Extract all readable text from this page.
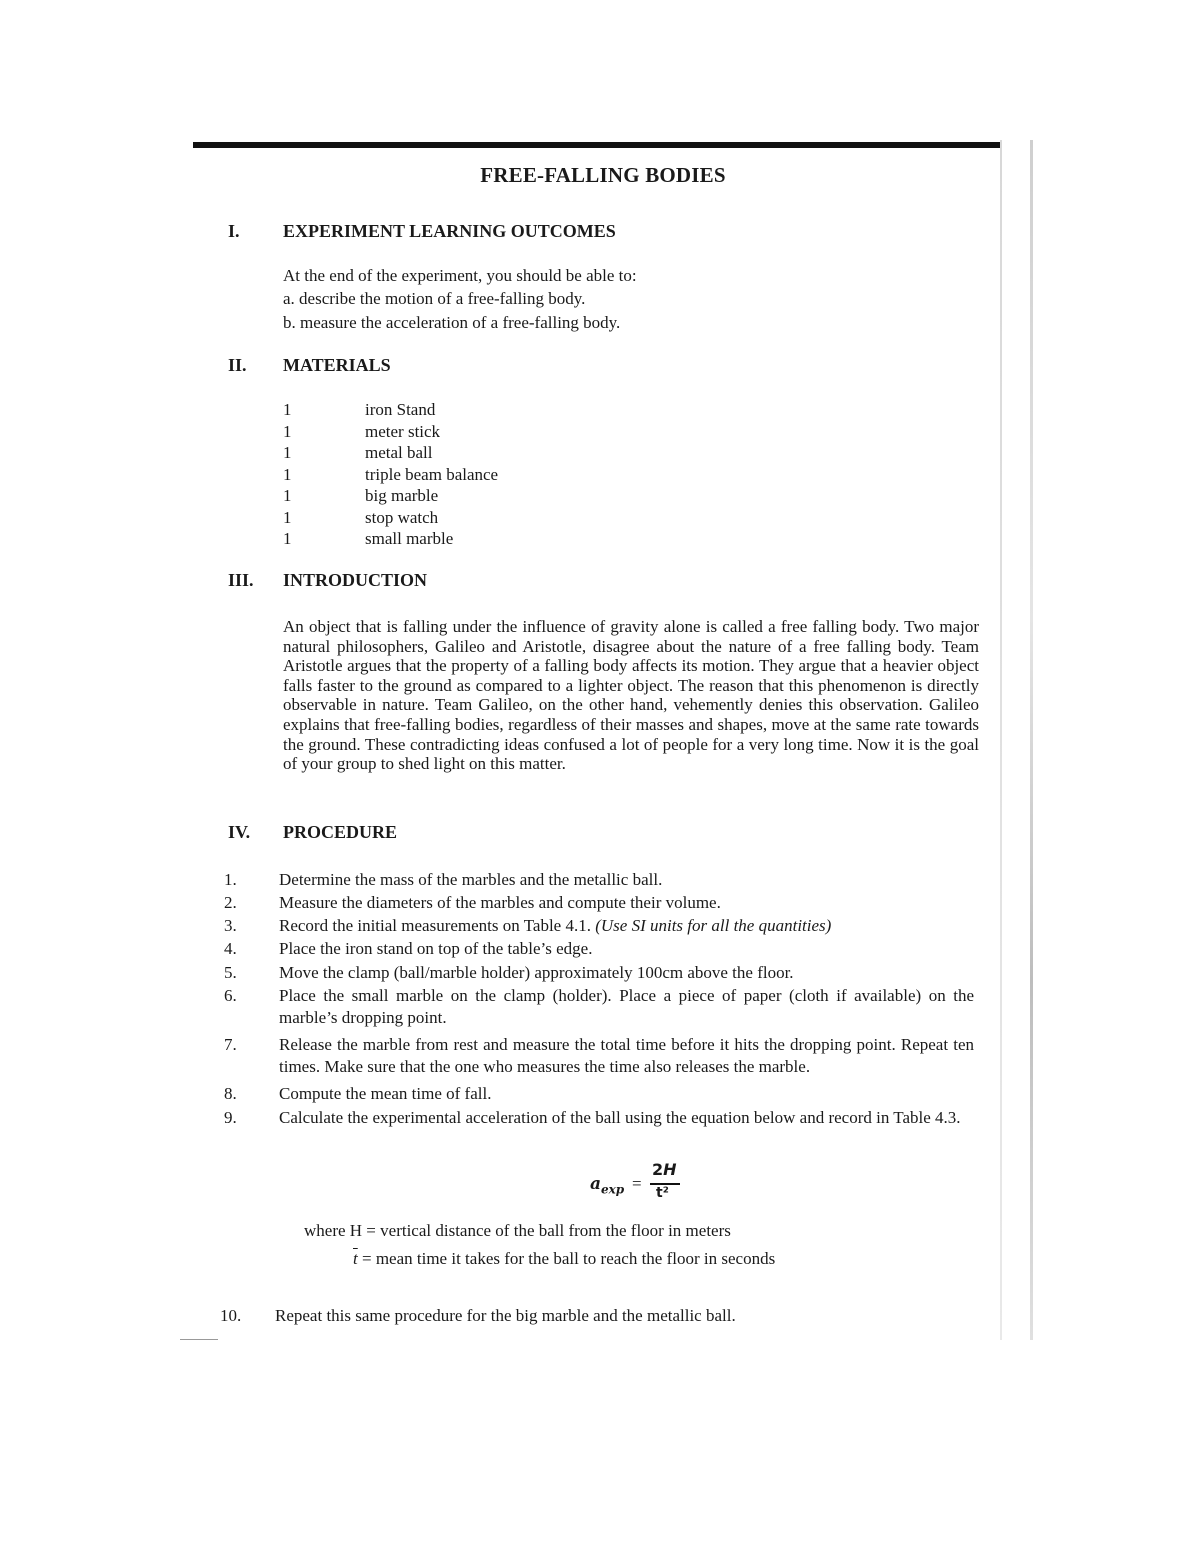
FREE-FALLING BODIES
I. EXPERIMENT LEARNING OUTCOMES
At the end of the experiment, you should be able to:
a. describe the motion of a free-falling body.
b. measure the acceleration of a free-falling body.
II. MATERIALS
1	iron Stand
1	meter stick
1	metal ball
1	triple beam balance
1	big marble
1	stop watch
1	small marble
III. INTRODUCTION
An object that is falling under the influence of gravity alone is called a free falling body. Two major natural philosophers, Galileo and Aristotle, disagree about the nature of a free falling body. Team Aristotle argues that the property of a falling body affects its motion. They argue that a heavier object falls faster to the ground as compared to a lighter object. The reason that this phenomenon is directly observable in nature. Team Galileo, on the other hand, vehemently denies this observation. Galileo explains that free-falling bodies, regardless of their masses and shapes, move at the same rate towards the ground. These contradicting ideas confused a lot of people for a very long time. Now it is the goal of your group to shed light on this matter.
IV. PROCEDURE
1. Determine the mass of the marbles and the metallic ball.
2. Measure the diameters of the marbles and compute their volume.
3. Record the initial measurements on Table 4.1. (Use SI units for all the quantities)
4. Place the iron stand on top of the table’s edge.
5. Move the clamp (ball/marble holder) approximately 100cm above the floor.
6. Place the small marble on the clamp (holder). Place a piece of paper (cloth if available) on the marble’s dropping point.
7. Release the marble from rest and measure the total time before it hits the dropping point. Repeat ten times. Make sure that the one who measures the time also releases the marble.
8. Compute the mean time of fall.
9. Calculate the experimental acceleration of the ball using the equation below and record in Table 4.3.
$a_{exp}$ =
2H
t̄²
where H = vertical distance of the ball from the floor in meters
$\overline{t}$ = mean time it takes for the ball to reach the floor in seconds
10. Repeat this same procedure for the big marble and the metallic ball.
